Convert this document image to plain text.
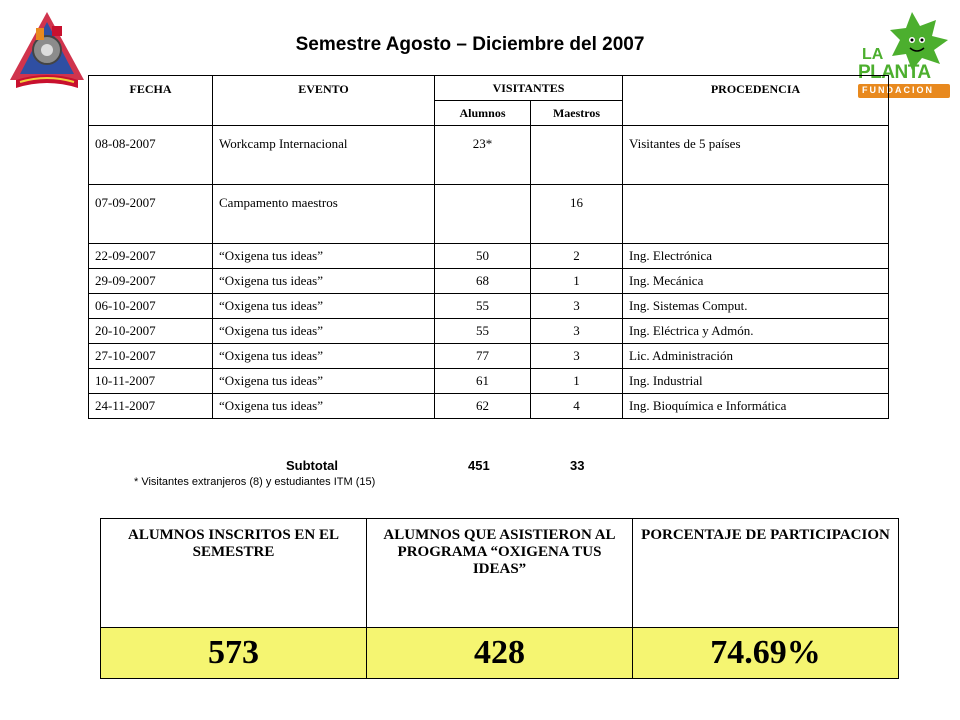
LA
PLANTA
FUNDACION
Semestre Agosto – Diciembre del 2007
FECHA	EVENTO	VISITANTES		PROCEDENCIA
		Alumnos	Maestros	
08-08-2007	Workcamp Internacional	23*		Visitantes de 5 países
07-09-2007	Campamento maestros		16	
22-09-2007	“Oxigena tus ideas”	50	2	Ing. Electrónica
29-09-2007	“Oxigena tus ideas”	68	1	Ing. Mecánica
06-10-2007	“Oxigena tus ideas”	55	3	Ing. Sistemas Comput.
20-10-2007	“Oxigena tus ideas”	55	3	Ing. Eléctrica y Admón.
27-10-2007	“Oxigena tus ideas”	77	3	Lic. Administración
10-11-2007	“Oxigena tus ideas”	61	1	Ing. Industrial
24-11-2007	“Oxigena tus ideas”	62	4	Ing. Bioquímica e Informática
Subtotal	451	33
* Visitantes extranjeros (8) y estudiantes ITM (15)
ALUMNOS INSCRITOS EN EL SEMESTRE	ALUMNOS QUE ASISTIERON AL PROGRAMA “OXIGENA TUS IDEAS”	PORCENTAJE DE PARTICIPACION
573	428	74.69%
